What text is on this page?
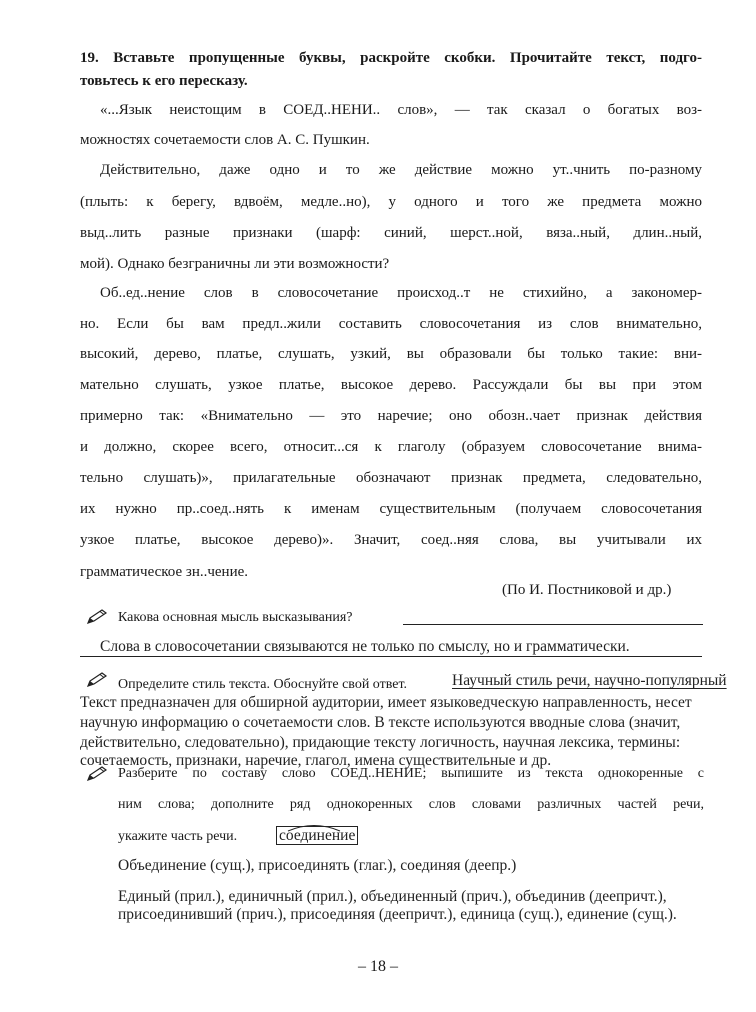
19. Вставьте пропущенные буквы, раскройте скобки. Прочитайте текст, подго-
товьтесь к его пересказу.
«...Язык неистощим в СОЕД..НЕНИ.. слов», — так сказал о богатых воз-
можностях сочетаемости слов А. С. Пушкин.
Действительно, даже одно и то же действие можно ут..чнить по-разному
(плыть: к берегу, вдвоём, медле..но), у одного и того же предмета можно
выд..лить разные признаки (шарф: синий, шерст..ной, вяза..ный, длин..ный,
мой). Однако безграничны ли эти возможности?
Об..ед..нение слов в словосочетание происход..т не стихийно, а закономер-
но. Если бы вам предл..жили составить словосочетания из слов внимательно,
высокий, дерево, платье, слушать, узкий, вы образовали бы только такие: вни-
мательно слушать, узкое платье, высокое дерево. Рассуждали бы вы при этом
примерно так: «Внимательно — это наречие; оно обозн..чает признак действия
и должно, скорее всего, относит...ся к глаголу (образуем словосочетание внима-
тельно слушать)», прилагательные обозначают признак предмета, следовательно,
их нужно пр..соед..нять к именам существительным (получаем словосочетания
узкое платье, высокое дерево)». Значит, соед..няя слова, вы учитывали их
грамматическое зн..чение.
(По И. Постниковой и др.)
Какова основная мысль высказывания?
Слова в словосочетании связываются не только по смыслу, но и грамматически.
Определите стиль текста. Обоснуйте свой ответ.	Научный стиль речи, научно-популярный
Текст предназначен для обширной аудитории, имеет языковедческую направленность, несет
научную информацию о сочетаемости слов. В тексте используются вводные слова (значит,
действительно, следовательно), придающие тексту логичность, научная лексика, термины:
сочетаемость, признаки, наречие, глагол, имена существительные и др.
Разберите по составу слово СОЕД..НЕНИЕ; выпишите из текста однокоренные с
ним слова; дополните ряд однокоренных слов словами различных частей речи,
укажите часть речи.	соединение
Объединение (сущ.), присоединять (глаг.), соединяя (деепр.)
Единый (прил.), единичный (прил.), объединенный (прич.), объединив (деепричт.),
присоединивший (прич.), присоединяя (деепричт.), единица (сущ.), единение (сущ.).
– 18 –
